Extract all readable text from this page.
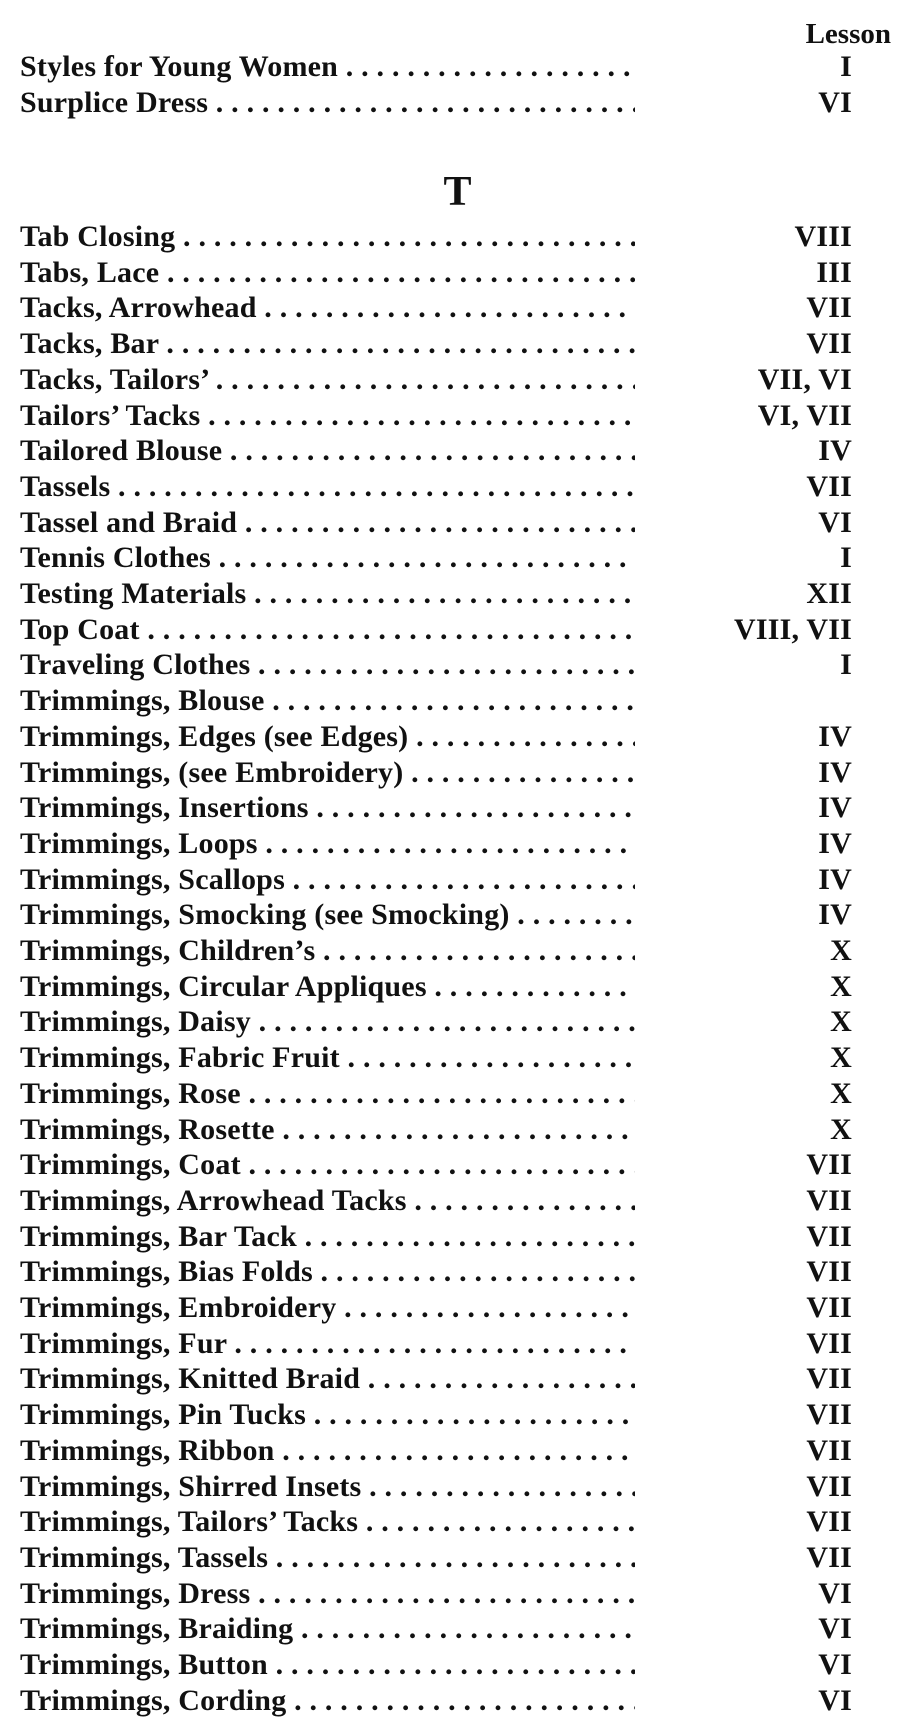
Lesson
Styles for Young Women . . .	I
Surplice Dress . . .	VI
T
Tab Closing . . .	VIII
Tabs, Lace . . .	III
Tacks, Arrowhead . . .	VII
Tacks, Bar . . .	VII
Tacks, Tailors’ . . .	VII, VI
Tailors’ Tacks . . .	VI, VII
Tailored Blouse . . .	IV
Tassels . . .	VII
Tassel and Braid . . .	VI
Tennis Clothes . . .	I
Testing Materials . . .	XII
Top Coat . . .	VIII, VII
Traveling Clothes . . .	I
Trimmings, Blouse . . .
Trimmings, Edges (see Edges) . . .	IV
Trimmings, (see Embroidery) . . .	IV
Trimmings, Insertions . . .	IV
Trimmings, Loops . . .	IV
Trimmings, Scallops . . .	IV
Trimmings, Smocking (see Smocking) . . .	IV
Trimmings, Children’s . . .	X
Trimmings, Circular Appliques . . .	X
Trimmings, Daisy . . .	X
Trimmings, Fabric Fruit . . .	X
Trimmings, Rose . . .	X
Trimmings, Rosette . . .	X
Trimmings, Coat . . .	VII
Trimmings, Arrowhead Tacks . . .	VII
Trimmings, Bar Tack . . .	VII
Trimmings, Bias Folds . . .	VII
Trimmings, Embroidery . . .	VII
Trimmings, Fur . . .	VII
Trimmings, Knitted Braid . . .	VII
Trimmings, Pin Tucks . . .	VII
Trimmings, Ribbon . . .	VII
Trimmings, Shirred Insets . . .	VII
Trimmings, Tailors’ Tacks . . .	VII
Trimmings, Tassels . . .	VII
Trimmings, Dress . . .	VI
Trimmings, Braiding . . .	VI
Trimmings, Button . . .	VI
Trimmings, Cording . . .	VI
